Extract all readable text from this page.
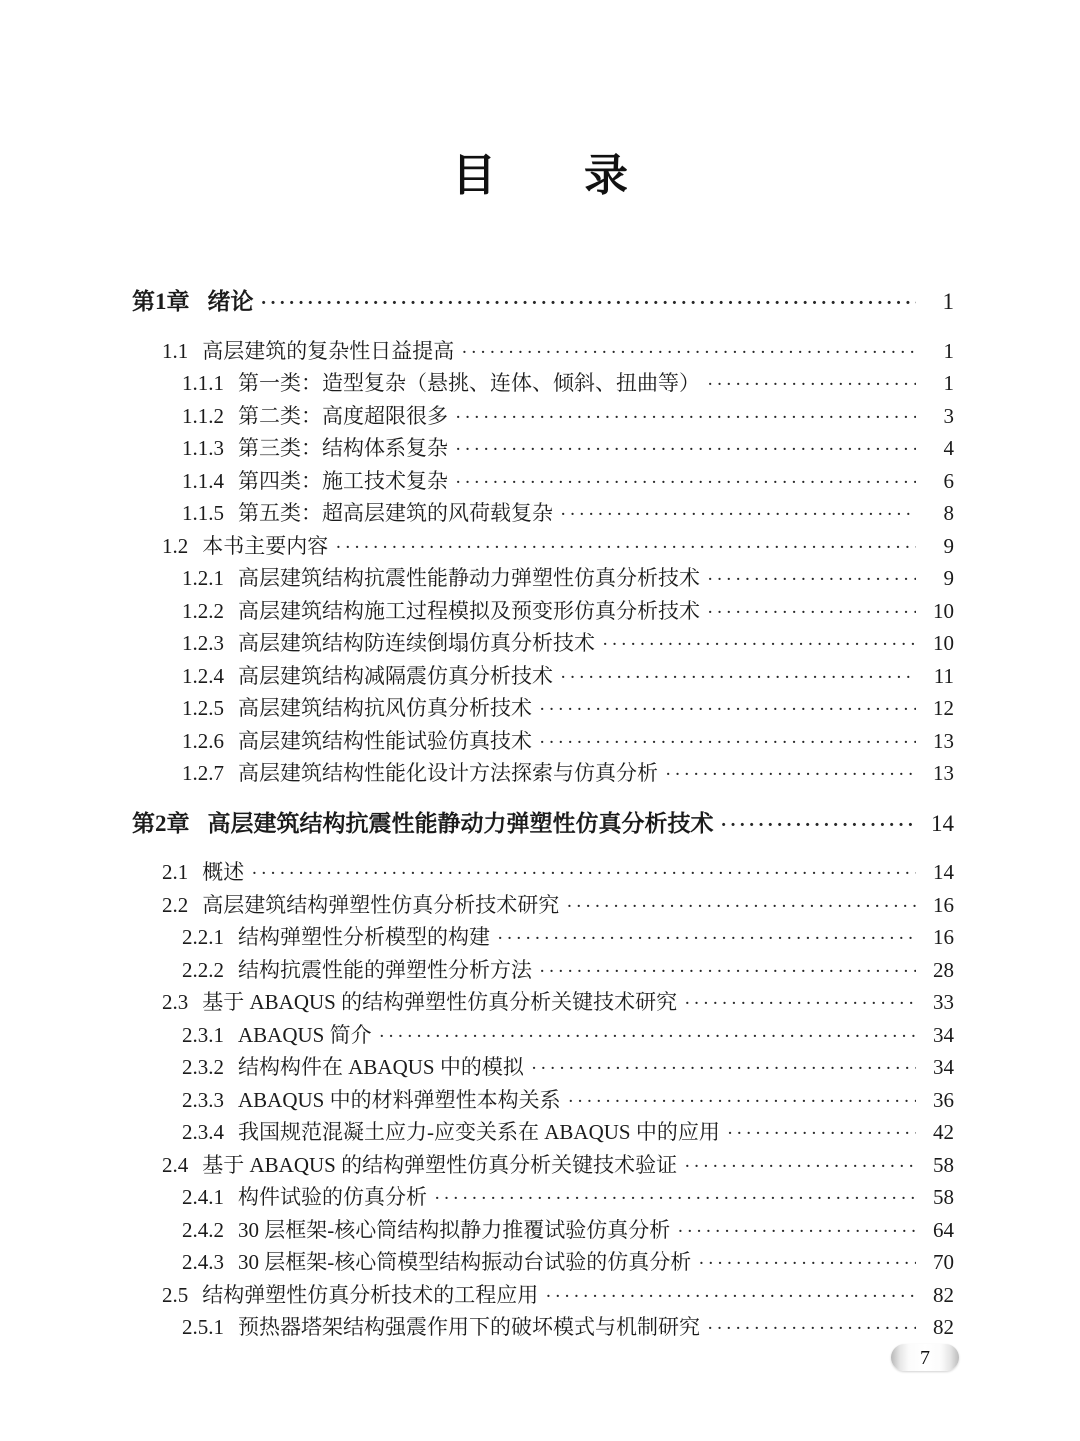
目　　录
第1章 绪论 ·····	1
1.1 高层建筑的复杂性日益提高 ·····	1
1.1.1 第一类：造型复杂（悬挑、连体、倾斜、扭曲等） ·····	1
1.1.2 第二类：高度超限很多 ·····	3
1.1.3 第三类：结构体系复杂 ·····	4
1.1.4 第四类：施工技术复杂 ·····	6
1.1.5 第五类：超高层建筑的风荷载复杂 ·····	8
1.2 本书主要内容 ·····	9
1.2.1 高层建筑结构抗震性能静动力弹塑性仿真分析技术 ·····	9
1.2.2 高层建筑结构施工过程模拟及预变形仿真分析技术 ·····	10
1.2.3 高层建筑结构防连续倒塌仿真分析技术 ·····	10
1.2.4 高层建筑结构减隔震仿真分析技术 ·····	11
1.2.5 高层建筑结构抗风仿真分析技术 ·····	12
1.2.6 高层建筑结构性能试验仿真技术 ·····	13
1.2.7 高层建筑结构性能化设计方法探索与仿真分析 ·····	13
第2章 高层建筑结构抗震性能静动力弹塑性仿真分析技术 ·····	14
2.1 概述 ·····	14
2.2 高层建筑结构弹塑性仿真分析技术研究 ·····	16
2.2.1 结构弹塑性分析模型的构建 ·····	16
2.2.2 结构抗震性能的弹塑性分析方法 ·····	28
2.3 基于 ABAQUS 的结构弹塑性仿真分析关键技术研究 ·····	33
2.3.1 ABAQUS 简介 ·····	34
2.3.2 结构构件在 ABAQUS 中的模拟 ·····	34
2.3.3 ABAQUS 中的材料弹塑性本构关系 ·····	36
2.3.4 我国规范混凝土应力-应变关系在 ABAQUS 中的应用 ·····	42
2.4 基于 ABAQUS 的结构弹塑性仿真分析关键技术验证 ·····	58
2.4.1 构件试验的仿真分析 ·····	58
2.4.2 30 层框架-核心筒结构拟静力推覆试验仿真分析 ·····	64
2.4.3 30 层框架-核心筒模型结构振动台试验的仿真分析 ·····	70
2.5 结构弹塑性仿真分析技术的工程应用 ·····	82
2.5.1 预热器塔架结构强震作用下的破坏模式与机制研究 ·····	82
7
